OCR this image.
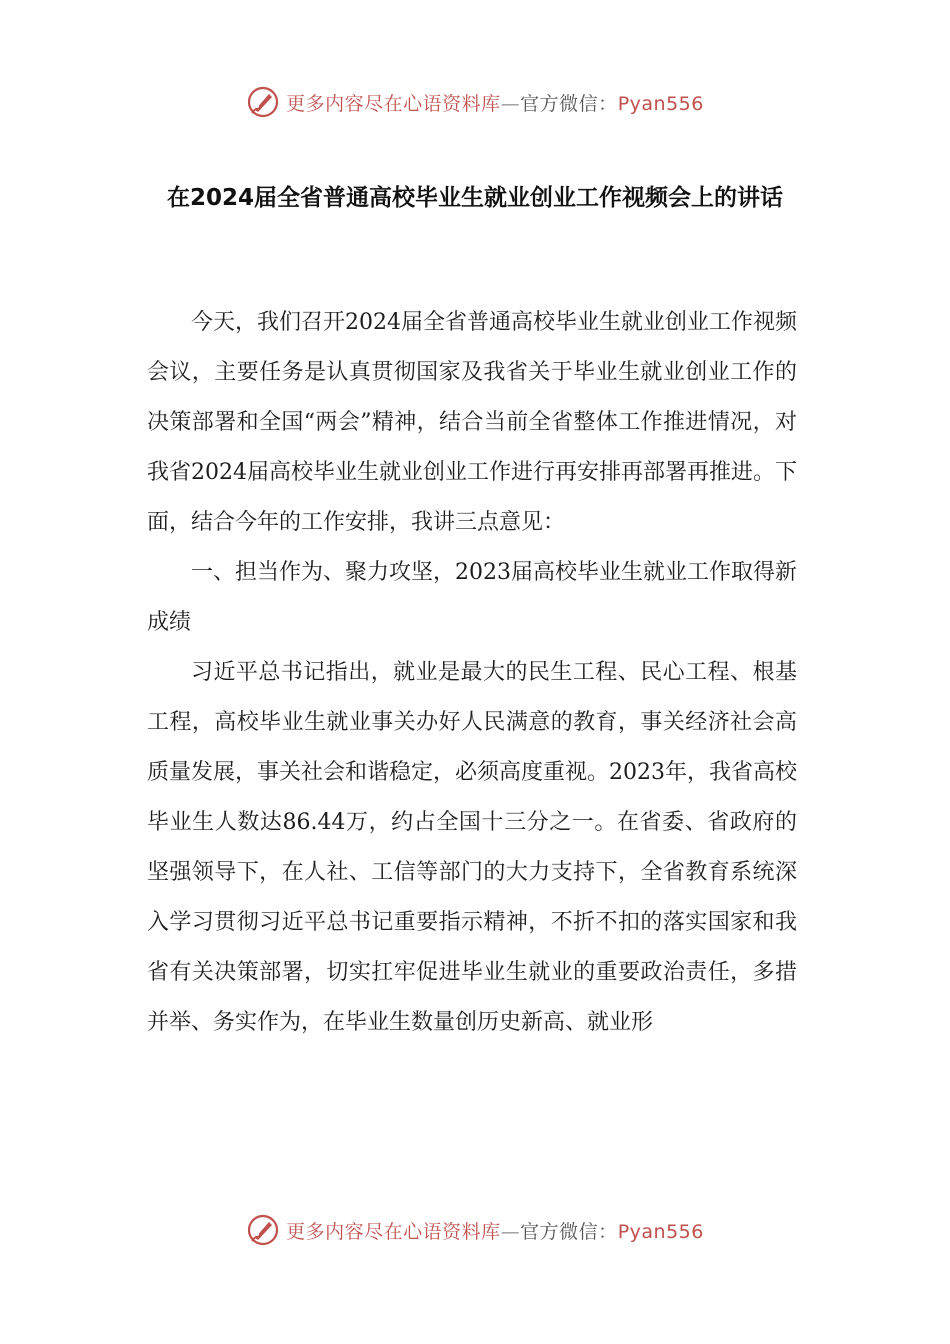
更多内容尽在心语资料库—官方微信：Pyan556
在2024届全省普通高校毕业生就业创业工作视频会上的讲话

今天，我们召开2024届全省普通高校毕业生就业创业工作视频会议，主要任务是认真贯彻国家及我省关于毕业生就业创业工作的决策部署和全国“两会”精神，结合当前全省整体工作推进情况，对我省2024届高校毕业生就业创业工作进行再安排再部署再推进。下面，结合今年的工作安排，我讲三点意见：

一、担当作为、聚力攻坚，2023届高校毕业生就业工作取得新成绩

习近平总书记指出，就业是最大的民生工程、民心工程、根基工程，高校毕业生就业事关办好人民满意的教育，事关经济社会高质量发展，事关社会和谐稳定，必须高度重视。2023年，我省高校毕业生人数达86.44万，约占全国十三分之一。在省委、省政府的坚强领导下，在人社、工信等部门的大力支持下，全省教育系统深入学习贯彻习近平总书记重要指示精神，不折不扣的落实国家和我省有关决策部署，切实扛牢促进毕业生就业的重要政治责任，多措并举、务实作为，在毕业生数量创历史新高、就业形

更多内容尽在心语资料库—官方微信：Pyan556
